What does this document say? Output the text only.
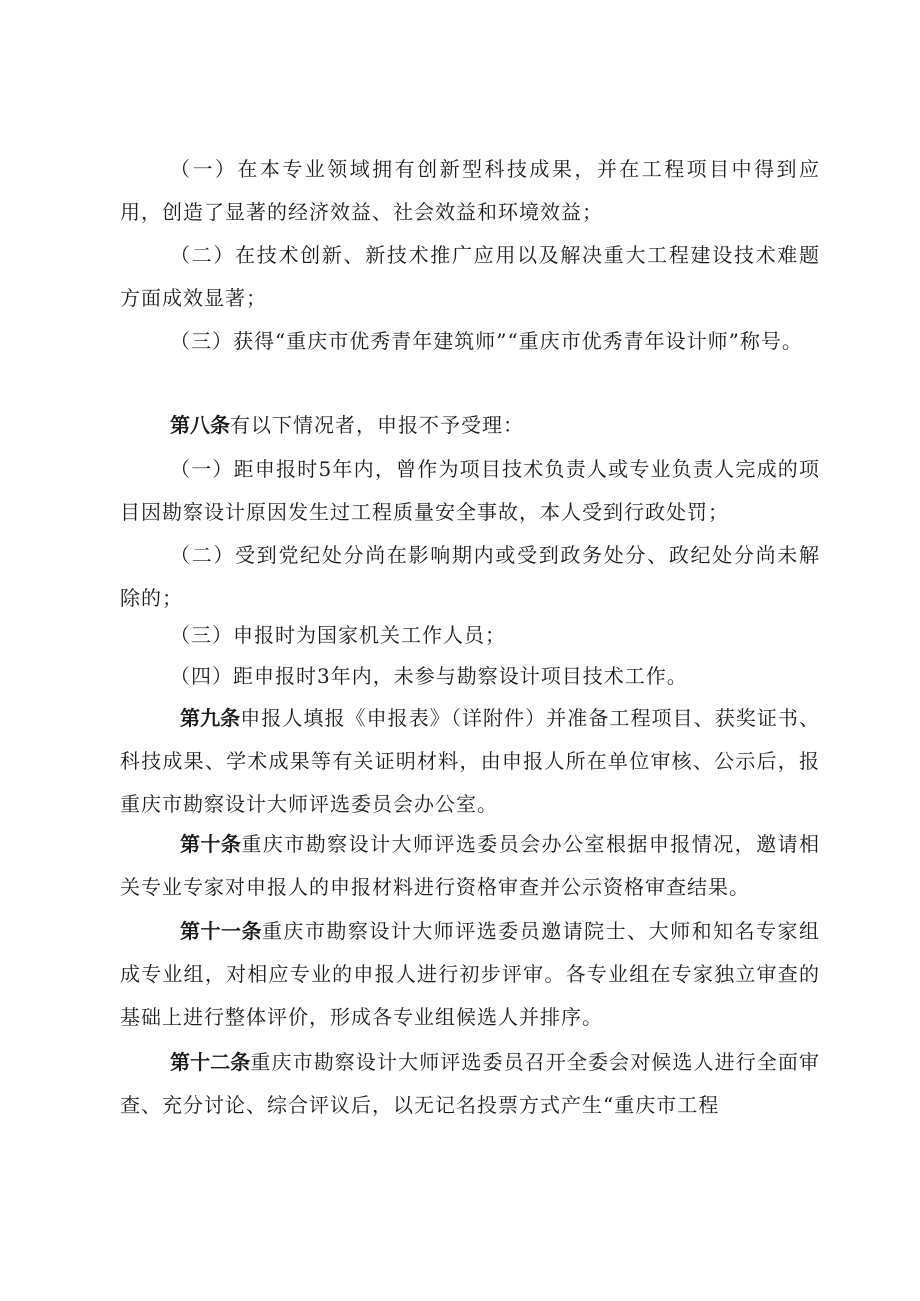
（一）在本专业领域拥有创新型科技成果，并在工程项目中得到应用，创造了显著的经济效益、社会效益和环境效益；

（二）在技术创新、新技术推广应用以及解决重大工程建设技术难题方面成效显著；

（三）获得“重庆市优秀青年建筑师”“重庆市优秀青年设计师”称号。

第八条有以下情况者，申报不予受理：

（一）距申报时5年内，曾作为项目技术负责人或专业负责人完成的项目因勘察设计原因发生过工程质量安全事故，本人受到行政处罚；

（二）受到党纪处分尚在影响期内或受到政务处分、政纪处分尚未解除的；

（三）申报时为国家机关工作人员；

（四）距申报时3年内，未参与勘察设计项目技术工作。

第九条申报人填报《申报表》（详附件）并准备工程项目、获奖证书、科技成果、学术成果等有关证明材料，由申报人所在单位审核、公示后，报重庆市勘察设计大师评选委员会办公室。

第十条重庆市勘察设计大师评选委员会办公室根据申报情况，邀请相关专业专家对申报人的申报材料进行资格审查并公示资格审查结果。

第十一条重庆市勘察设计大师评选委员邀请院士、大师和知名专家组成专业组，对相应专业的申报人进行初步评审。各专业组在专家独立审查的基础上进行整体评价，形成各专业组候选人并排序。

第十二条重庆市勘察设计大师评选委员召开全委会对候选人进行全面审查、充分讨论、综合评议后，以无记名投票方式产生“重庆市工程
